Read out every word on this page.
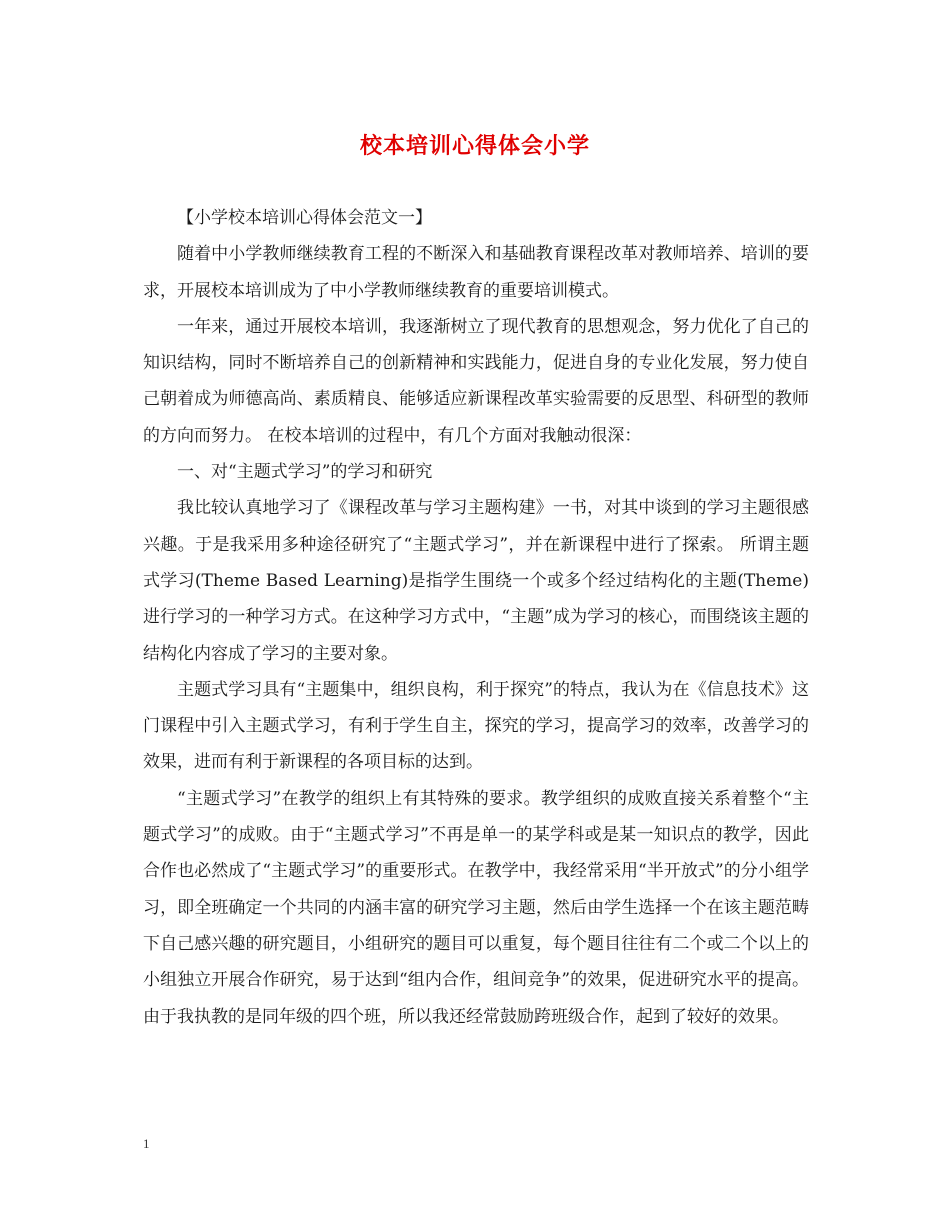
校本培训心得体会小学

【小学校本培训心得体会范文一】

随着中小学教师继续教育工程的不断深入和基础教育课程改革对教师培养、培训的要求，开展校本培训成为了中小学教师继续教育的重要培训模式。

一年来，通过开展校本培训，我逐渐树立了现代教育的思想观念，努力优化了自己的知识结构，同时不断培养自己的创新精神和实践能力，促进自身的专业化发展，努力使自己朝着成为师德高尚、素质精良、能够适应新课程改革实验需要的反思型、科研型的教师的方向而努力。 在校本培训的过程中，有几个方面对我触动很深：

一、对“主题式学习”的学习和研究

我比较认真地学习了《课程改革与学习主题构建》一书，对其中谈到的学习主题很感兴趣。于是我采用多种途径研究了“主题式学习”，并在新课程中进行了探索。 所谓主题式学习(Theme Based Learning)是指学生围绕一个或多个经过结构化的主题(Theme)进行学习的一种学习方式。在这种学习方式中，“主题”成为学习的核心，而围绕该主题的结构化内容成了学习的主要对象。

主题式学习具有“主题集中，组织良构，利于探究”的特点，我认为在《信息技术》这门课程中引入主题式学习，有利于学生自主，探究的学习，提高学习的效率，改善学习的效果，进而有利于新课程的各项目标的达到。

“主题式学习”在教学的组织上有其特殊的要求。教学组织的成败直接关系着整个“主题式学习”的成败。由于“主题式学习”不再是单一的某学科或是某一知识点的教学，因此合作也必然成了“主题式学习”的重要形式。在教学中，我经常采用“半开放式”的分小组学习，即全班确定一个共同的内涵丰富的研究学习主题，然后由学生选择一个在该主题范畴下自己感兴趣的研究题目，小组研究的题目可以重复，每个题目往往有二个或二个以上的小组独立开展合作研究，易于达到“组内合作，组间竞争”的效果，促进研究水平的提高。由于我执教的是同年级的四个班，所以我还经常鼓励跨班级合作，起到了较好的效果。

1
